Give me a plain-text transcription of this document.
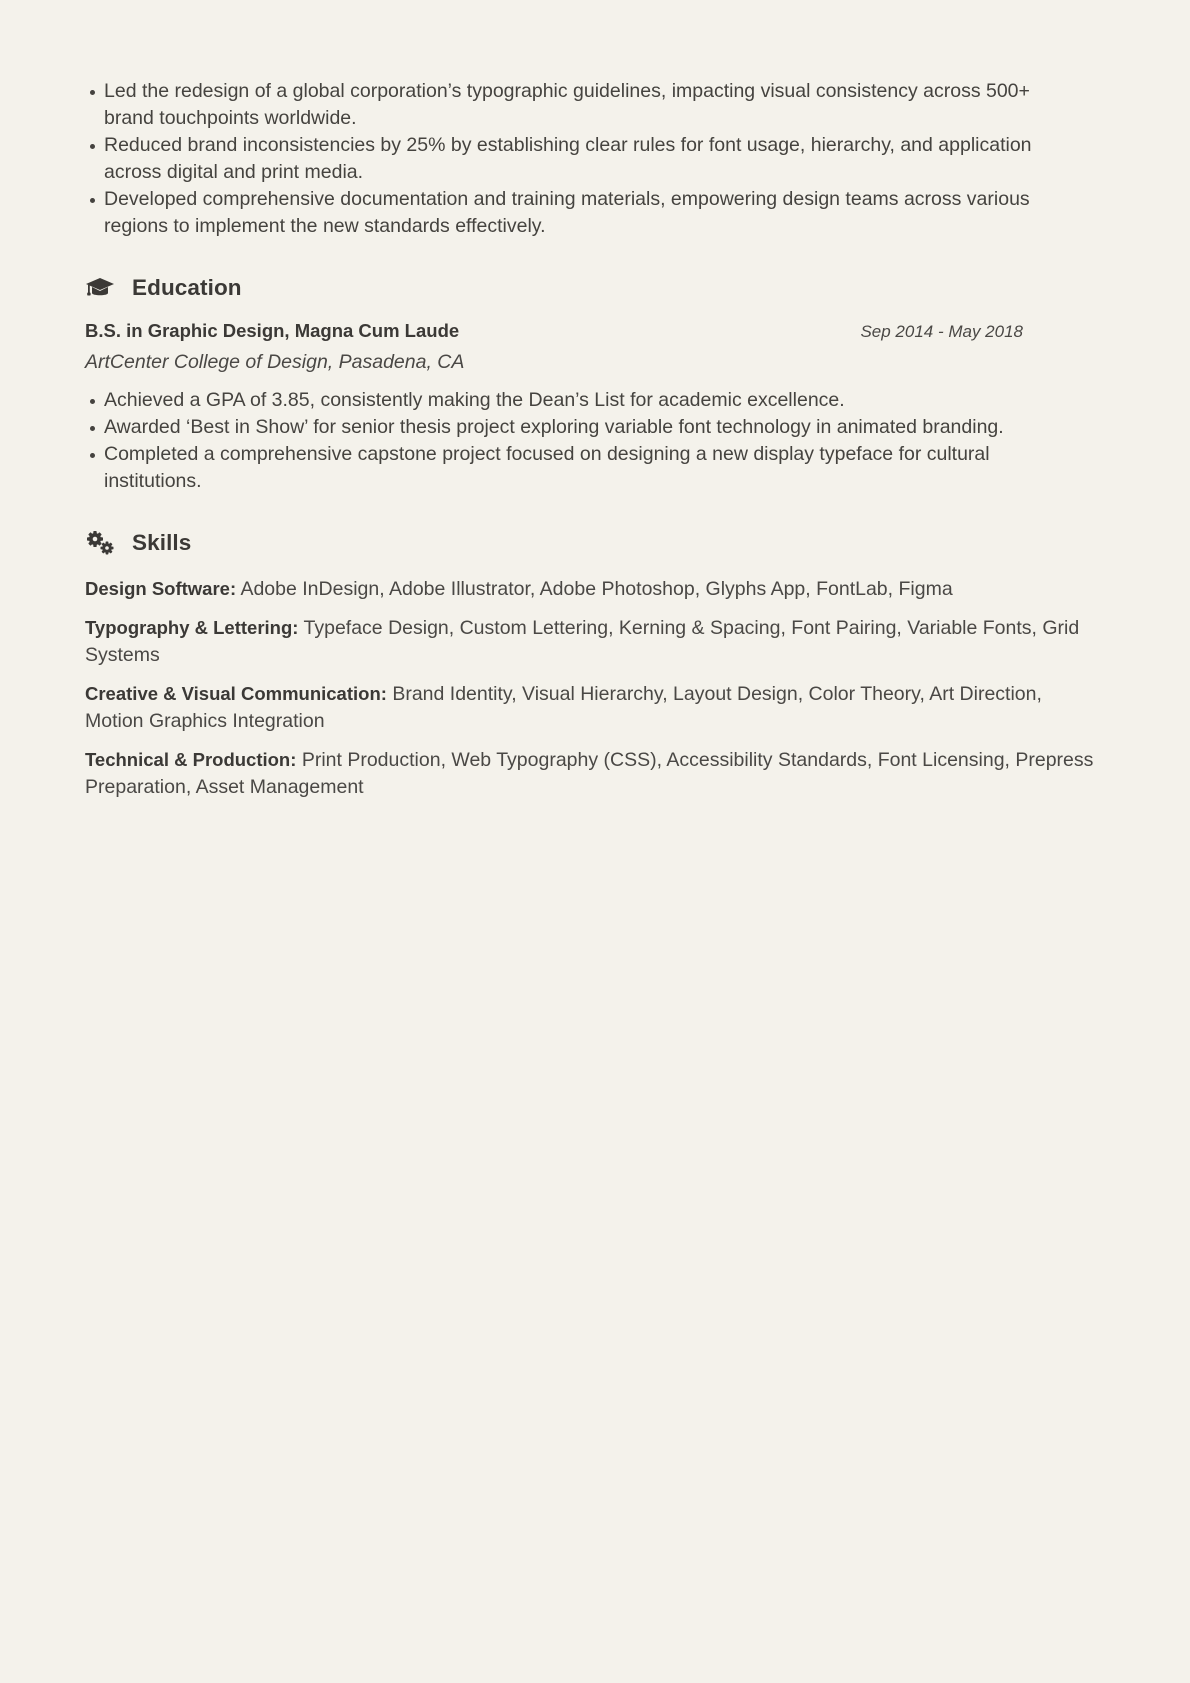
Led the redesign of a global corporation’s typographic guidelines, impacting visual consistency across 500+ brand touchpoints worldwide.
Reduced brand inconsistencies by 25% by establishing clear rules for font usage, hierarchy, and application across digital and print media.
Developed comprehensive documentation and training materials, empowering design teams across various regions to implement the new standards effectively.
Education
B.S. in Graphic Design, Magna Cum Laude	Sep 2014 - May 2018
ArtCenter College of Design, Pasadena, CA
Achieved a GPA of 3.85, consistently making the Dean’s List for academic excellence.
Awarded ‘Best in Show’ for senior thesis project exploring variable font technology in animated branding.
Completed a comprehensive capstone project focused on designing a new display typeface for cultural institutions.
Skills

Design Software: Adobe InDesign, Adobe Illustrator, Adobe Photoshop, Glyphs App, FontLab, Figma

Typography & Lettering: Typeface Design, Custom Lettering, Kerning & Spacing, Font Pairing, Variable Fonts, Grid Systems

Creative & Visual Communication: Brand Identity, Visual Hierarchy, Layout Design, Color Theory, Art Direction, Motion Graphics Integration

Technical & Production: Print Production, Web Typography (CSS), Accessibility Standards, Font Licensing, Prepress Preparation, Asset Management
